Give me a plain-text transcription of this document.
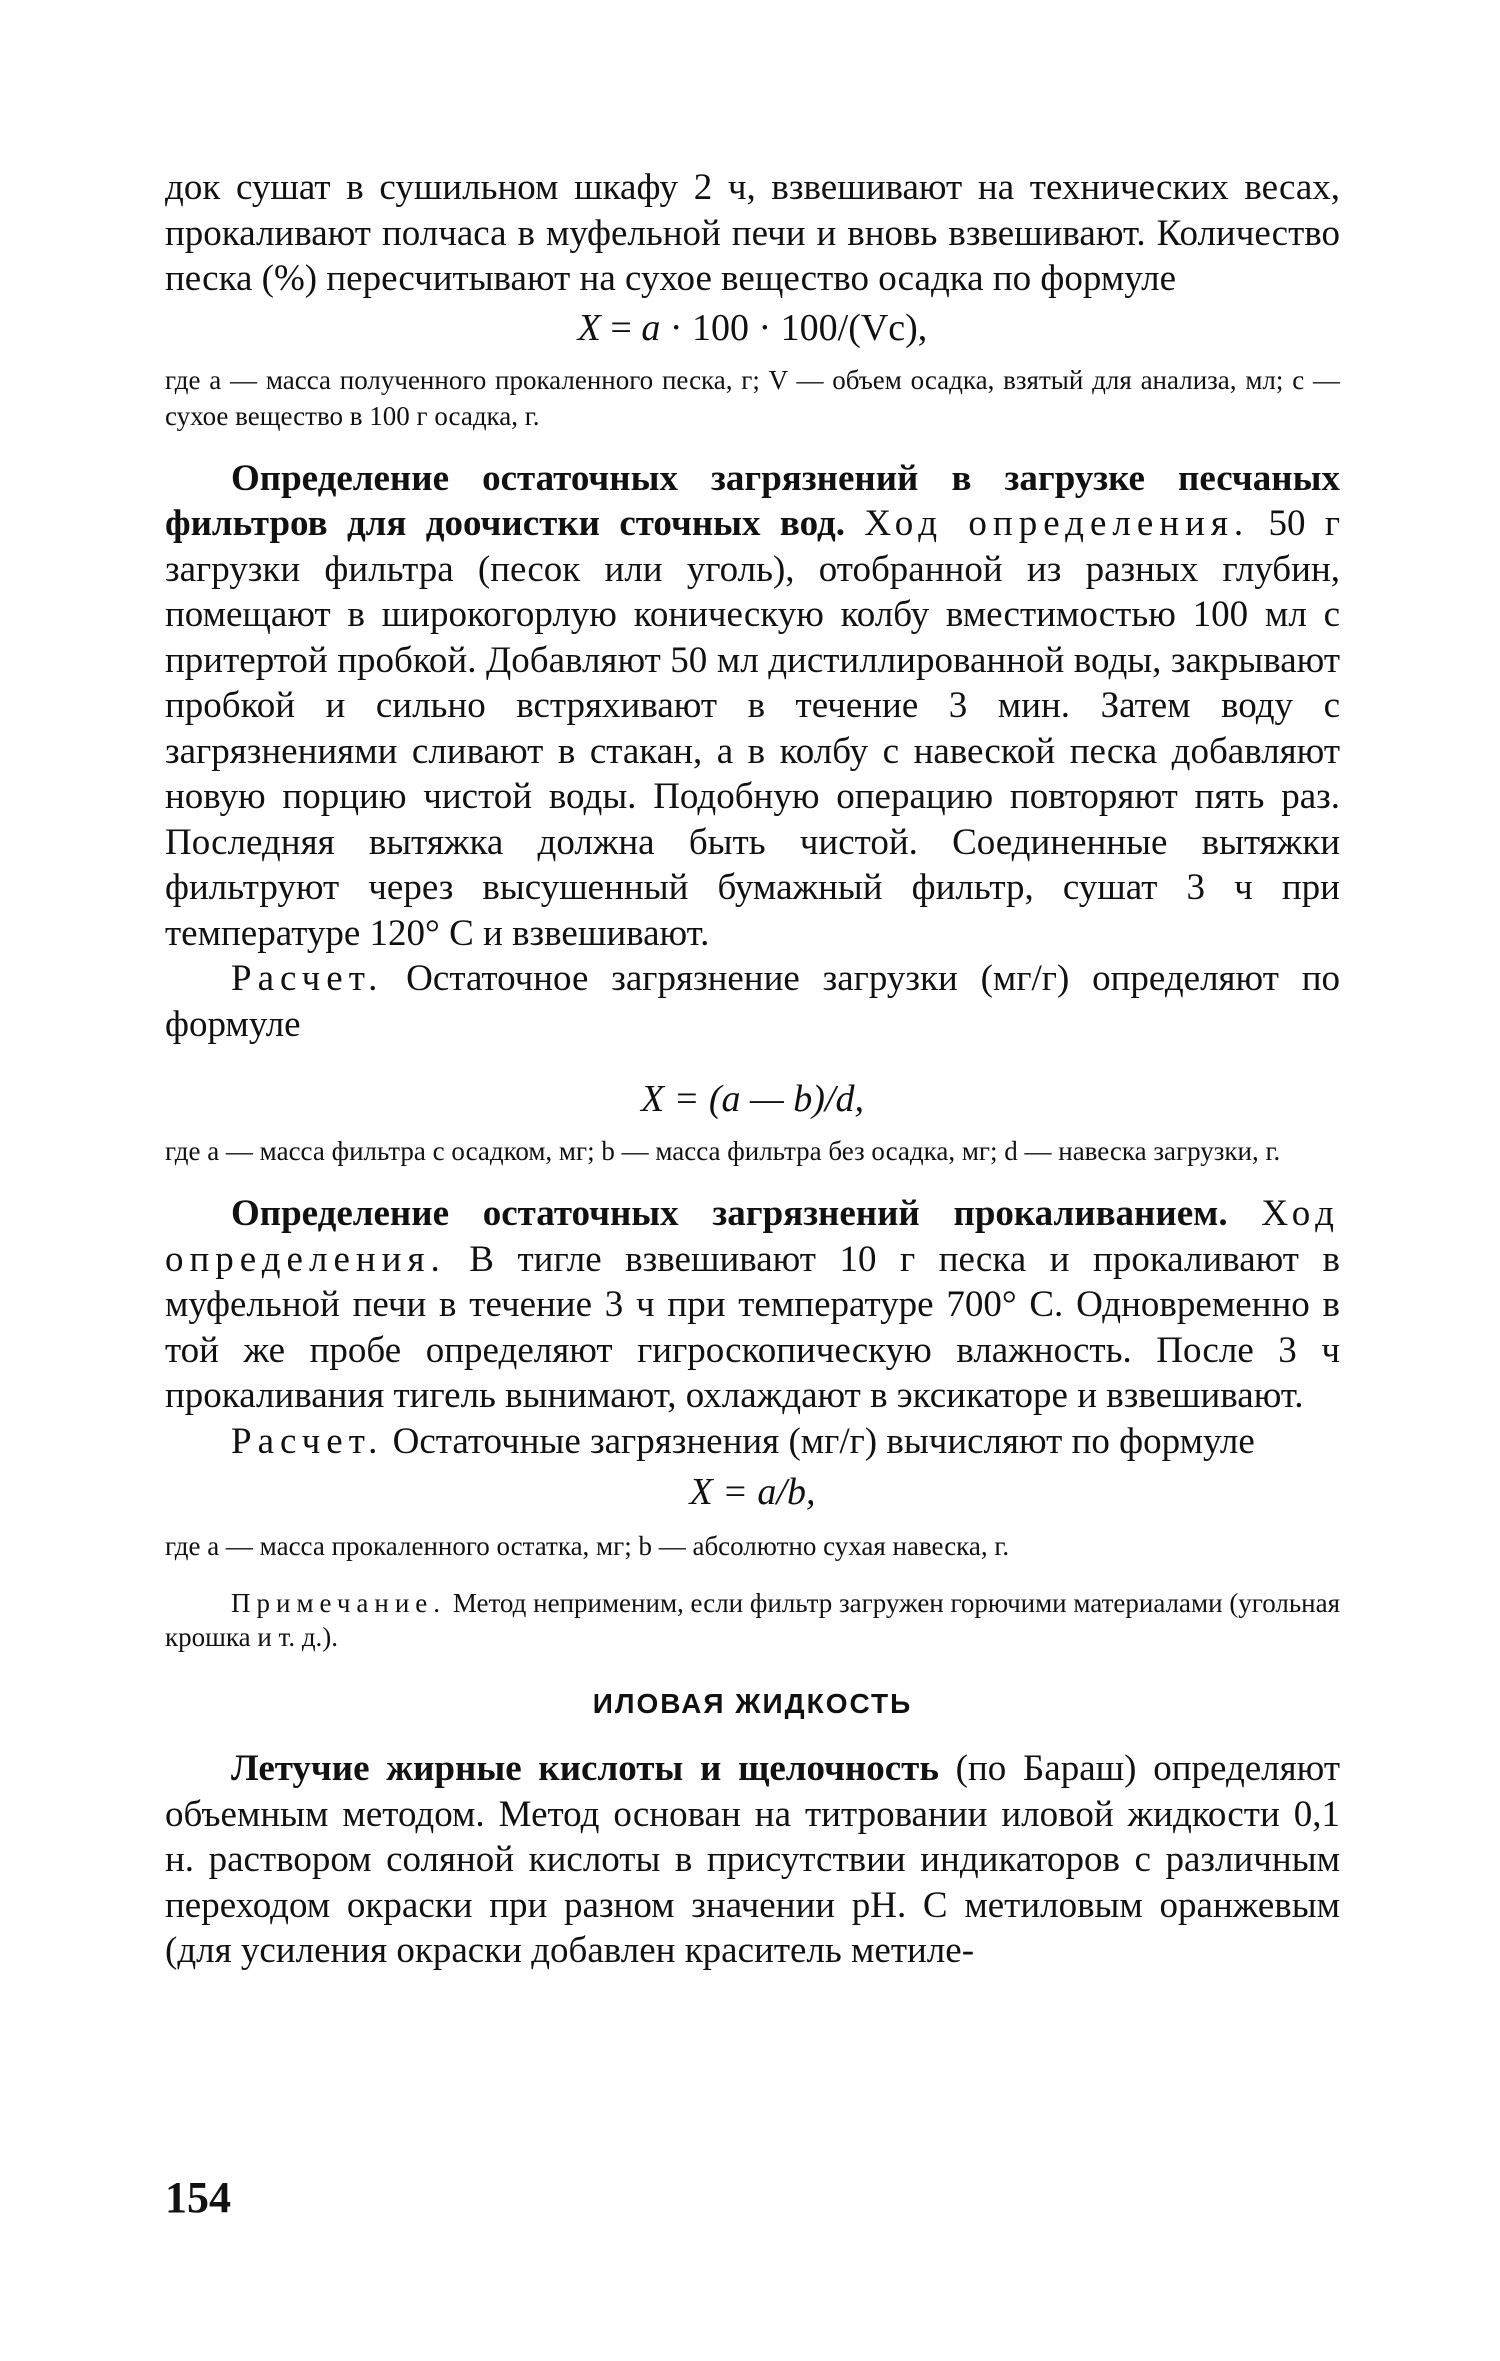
док сушат в сушильном шкафу 2 ч, взвешивают на технических весах, прокаливают полчаса в муфельной печи и вновь взвешивают. Количество песка (%) пересчитывают на сухое вещество осадка по формуле

X = a · 100 · 100/(Vc),

где a — масса полученного прокаленного песка, г; V — объем осадка, взятый для анализа, мл; c — сухое вещество в 100 г осадка, г.

Определение остаточных загрязнений в загрузке песчаных фильтров для доочистки сточных вод. Ход определения. 50 г загрузки фильтра (песок или уголь), отобранной из разных глубин, помещают в широкогорлую коническую колбу вместимостью 100 мл с притертой пробкой. Добавляют 50 мл дистиллированной воды, закрывают пробкой и сильно встряхивают в течение 3 мин. Затем воду с загрязнениями сливают в стакан, а в колбу с навеской песка добавляют новую порцию чистой воды. Подобную операцию повторяют пять раз. Последняя вытяжка должна быть чистой. Соединенные вытяжки фильтруют через высушенный бумажный фильтр, сушат 3 ч при температуре 120° С и взвешивают.

Расчет. Остаточное загрязнение загрузки (мг/г) определяют по формуле

X = (a — b)/d,

где a — масса фильтра с осадком, мг; b — масса фильтра без осадка, мг; d — навеска загрузки, г.

Определение остаточных загрязнений прокаливанием. Ход определения. В тигле взвешивают 10 г песка и прокаливают в муфельной печи в течение 3 ч при температуре 700° С. Одновременно в той же пробе определяют гигроскопическую влажность. После 3 ч прокаливания тигель вынимают, охлаждают в эксикаторе и взвешивают.

Расчет. Остаточные загрязнения (мг/г) вычисляют по формуле

X = a/b,

где a — масса прокаленного остатка, мг; b — абсолютно сухая навеска, г.

Примечание. Метод неприменим, если фильтр загружен горючими материалами (угольная крошка и т. д.).

ИЛОВАЯ ЖИДКОСТЬ

Летучие жирные кислоты и щелочность (по Бараш) определяют объемным методом. Метод основан на титровании иловой жидкости 0,1 н. раствором соляной кислоты в присутствии индикаторов с различным переходом окраски при разном значении pH. С метиловым оранжевым (для усиления окраски добавлен краситель метиле-

154
